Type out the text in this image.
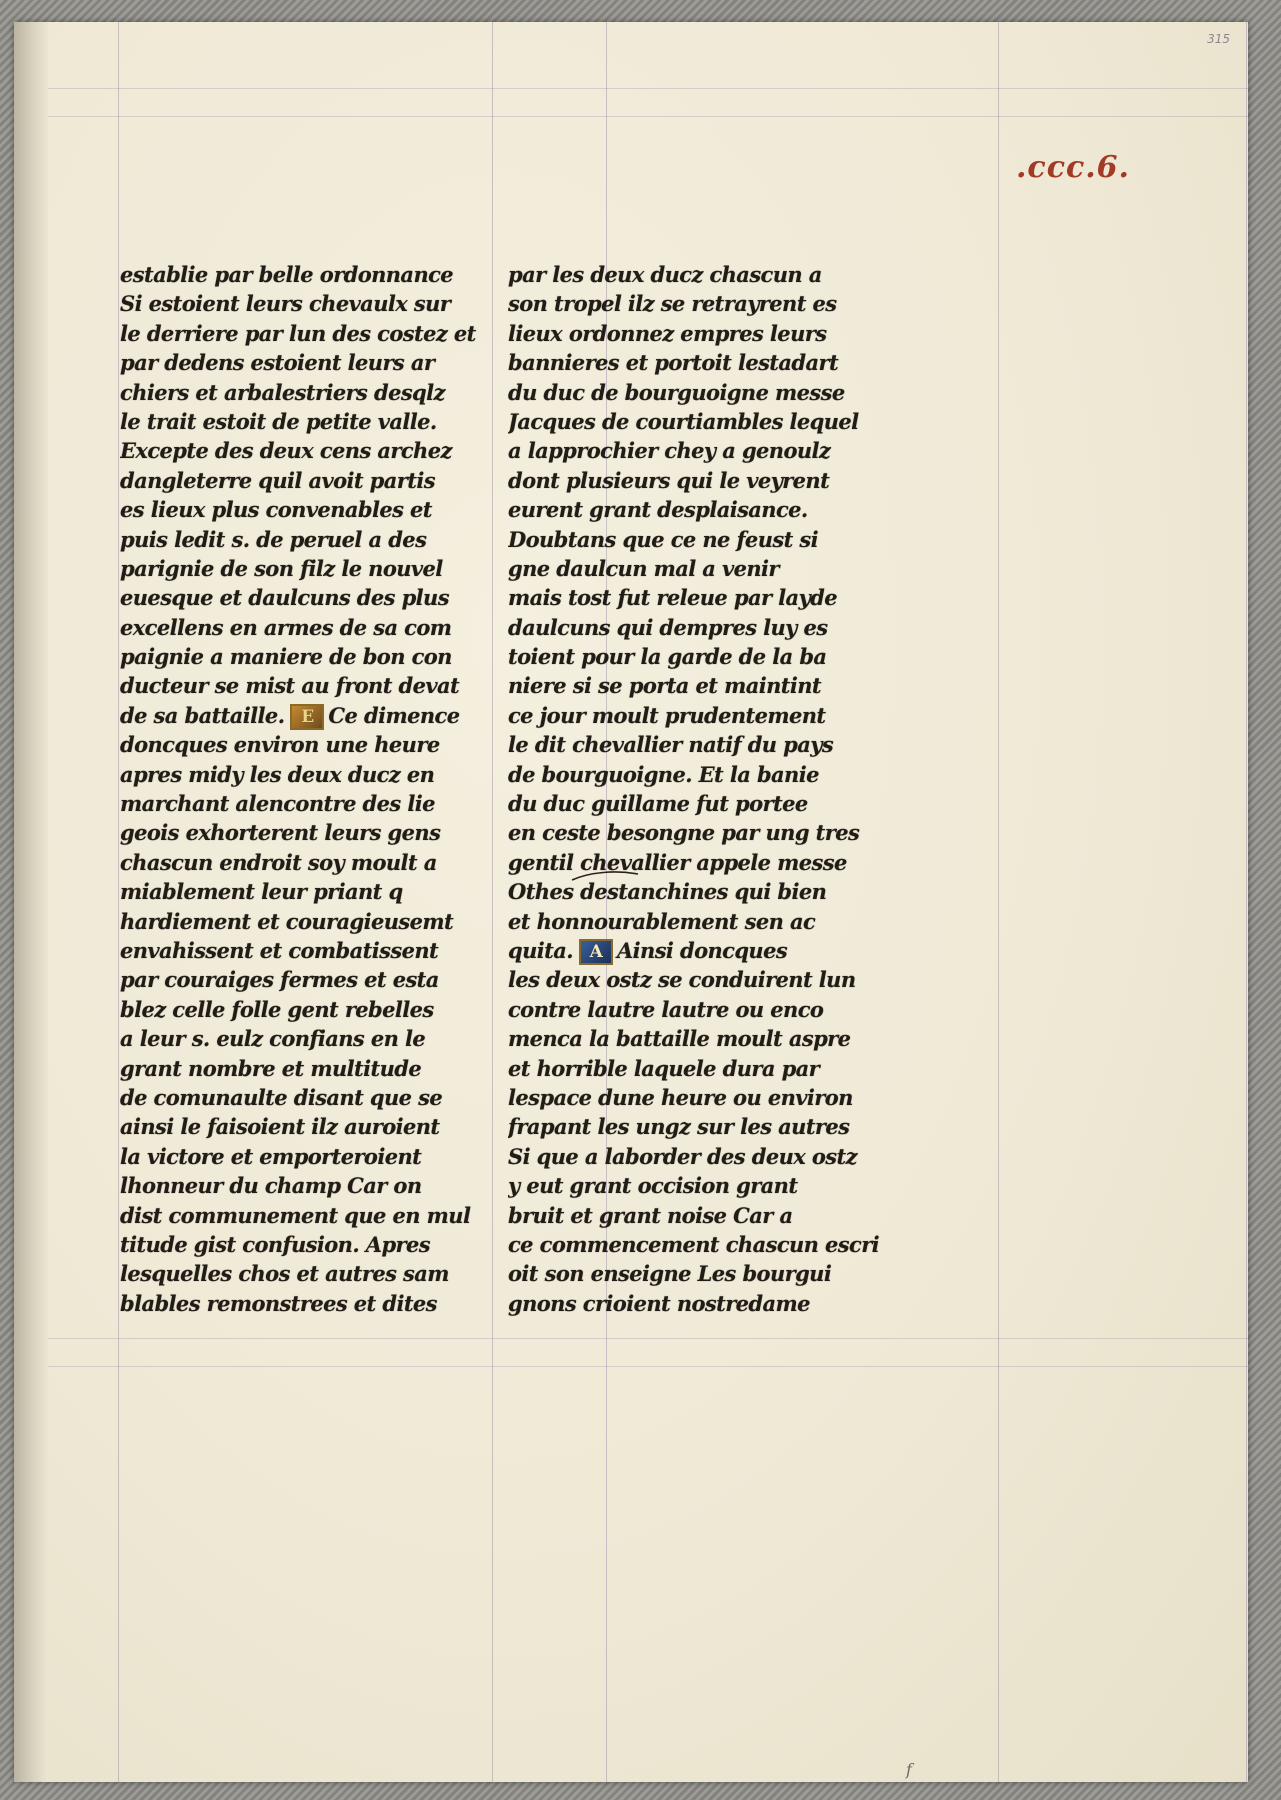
315
.ccc.6.
establie par belle ordonnance
Si estoient leurs chevaulx sur
le derriere par lun des costez et
par dedens estoient leurs ar
chiers et arbalestriers desqlz
le trait estoit de petite valle.
Excepte des deux cens archez
dangleterre quil avoit partis
es lieux plus convenables et
puis ledit s. de peruel a des
parignie de son filz le nouvel
euesque et daulcuns des plus
excellens en armes de sa com
paignie a maniere de bon con
ducteur se mist au front devat
de sa battaille. E Ce dimence
doncques environ une heure
apres midy les deux ducz en
marchant alencontre des lie
geois exhorterent leurs gens
chascun endroit soy moult a
miablement leur priant q
hardiement et couragieusemt
envahissent et combatissent
par couraiges fermes et esta
blez celle folle gent rebelles
a leur s. eulz confians en le
grant nombre et multitude
de comunaulte disant que se
ainsi le faisoient ilz auroient
la victore et emporteroient
lhonneur du champ Car on
dist communement que en mul
titude gist confusion. Apres
lesquelles chos et autres sam
blables remonstrees et dites
par les deux ducz chascun a
son tropel ilz se retrayrent es
lieux ordonnez empres leurs
bannieres et portoit lestadart
du duc de bourguoigne messe
Jacques de courtiambles lequel
a lapprochier chey a genoulz
dont plusieurs qui le veyrent
eurent grant desplaisance.
Doubtans que ce ne feust si
gne daulcun mal a venir
mais tost fut releue par layde
daulcuns qui dempres luy es
toient pour la garde de la ba
niere si se porta et maintint
ce jour moult prudentement
le dit chevallier natif du pays
de bourguoigne. Et la banie
du duc guillame fut portee
en ceste besongne par ung tres
gentil chevallier appele messe
Othes destanchines qui bien
et honnourablement sen ac
quita. A Ainsi doncques
les deux ostz se conduirent lun
contre lautre lautre ou enco
menca la battaille moult aspre
et horrible laquele dura par
lespace dune heure ou environ
frapant les ungz sur les autres
Si que a laborder des deux ostz
y eut grant occision grant
bruit et grant noise Car a
ce commencement chascun escri
oit son enseigne Les bourgui
gnons crioient nostredame
f
